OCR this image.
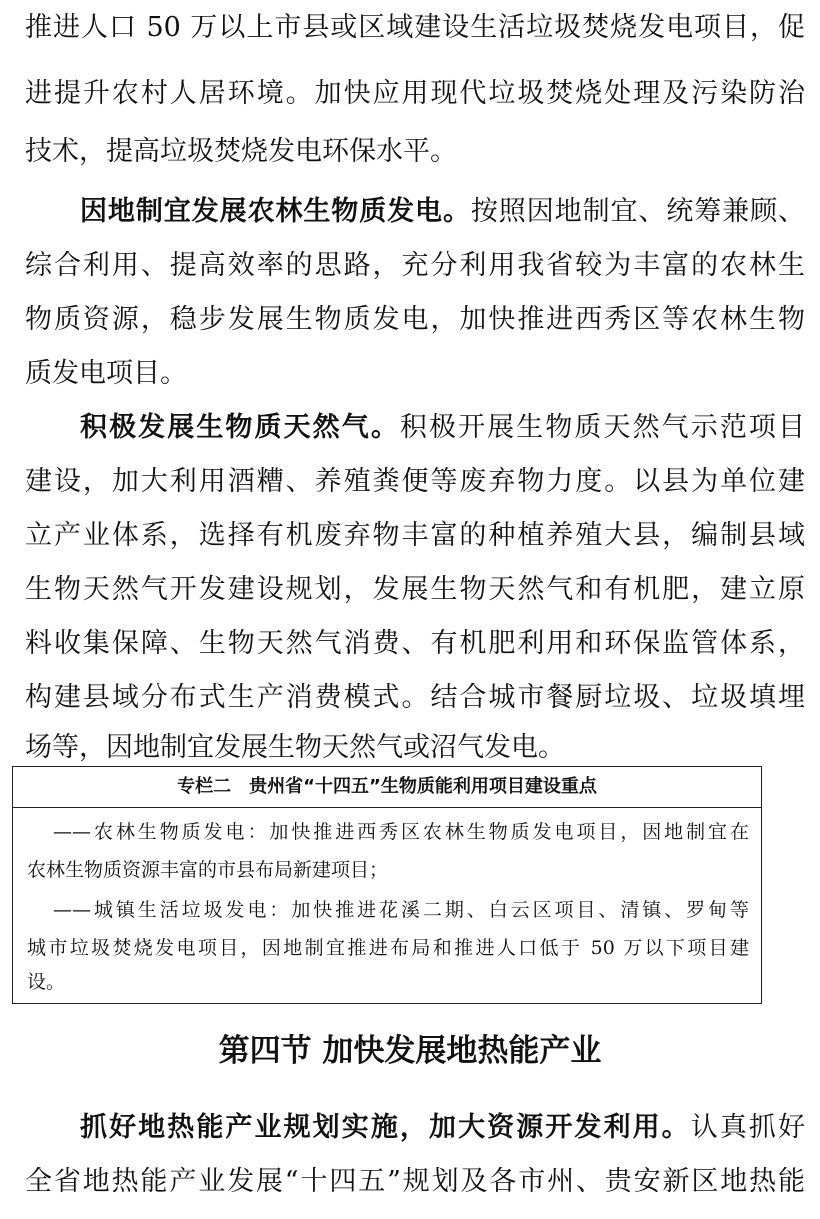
推进人口 50 万以上市县或区域建设生活垃圾焚烧发电项目，促
进提升农村人居环境。加快应用现代垃圾焚烧处理及污染防治
技术，提高垃圾焚烧发电环保水平。
因地制宜发展农林生物质发电。按照因地制宜、统筹兼顾、
综合利用、提高效率的思路，充分利用我省较为丰富的农林生
物质资源，稳步发展生物质发电，加快推进西秀区等农林生物
质发电项目。
积极发展生物质天然气。积极开展生物质天然气示范项目
建设，加大利用酒糟、养殖粪便等废弃物力度。以县为单位建
立产业体系，选择有机废弃物丰富的种植养殖大县，编制县域
生物天然气开发建设规划，发展生物天然气和有机肥，建立原
料收集保障、生物天然气消费、有机肥利用和环保监管体系，
构建县域分布式生产消费模式。结合城市餐厨垃圾、垃圾填埋
场等，因地制宜发展生物天然气或沼气发电。
专栏二　贵州省“十四五”生物质能利用项目建设重点
——农林生物质发电：加快推进西秀区农林生物质发电项目，因地制宜在
农林生物质资源丰富的市县布局新建项目；
——城镇生活垃圾发电：加快推进花溪二期、白云区项目、清镇、罗甸等
城市垃圾焚烧发电项目，因地制宜推进布局和推进人口低于 50 万以下项目建
设。
第四节 加快发展地热能产业
抓好地热能产业规划实施，加大资源开发利用。认真抓好
全省地热能产业发展“十四五”规划及各市州、贵安新区地热能
